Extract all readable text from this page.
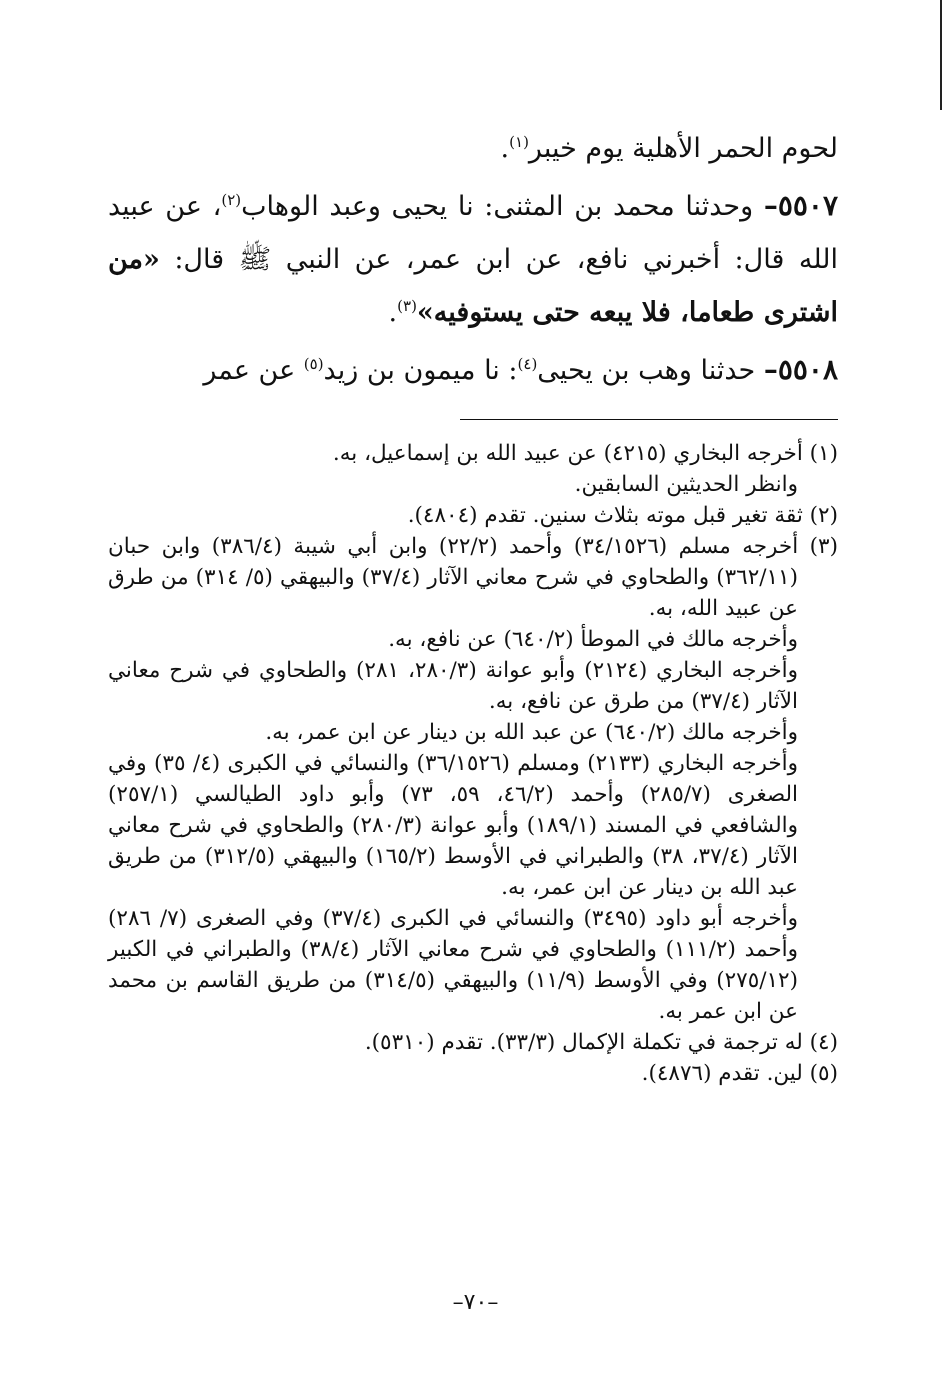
لحوم الحمر الأهلية يوم خيبر$^{(١)}$.

٥٥٠٧– وحدثنا محمد بن المثنى: نا يحيى وعبد الوهاب$^{(٢)}$، عن عبيد الله قال: أخبرني نافع، عن ابن عمر، عن النبي ﷺ قال: «من اشترى طعاما، فلا يبعه حتى يستوفيه»$^{(٣)}$.

٥٥٠٨– حدثنا وهب بن يحيى$^{(٤)}$: نا ميمون بن زيد$^{(٥)}$ عن عمر

(١) أخرجه البخاري (٤٢١٥) عن عبيد الله بن إسماعيل، به.

وانظر الحديثين السابقين.

(٢) ثقة تغير قبل موته بثلاث سنين. تقدم (٤٨٠٤).

(٣) أخرجه مسلم (٣٤/١٥٢٦) وأحمد (٢٢/٢) وابن أبي شيبة (٣٨٦/٤) وابن حبان (٣٦٢/١١) والطحاوي في شرح معاني الآثار (٣٧/٤) والبيهقي (٥/ ٣١٤) من طرق عن عبيد الله، به.

وأخرجه مالك في الموطأ (٦٤٠/٢) عن نافع، به.

وأخرجه البخاري (٢١٢٤) وأبو عوانة (٢٨٠/٣، ٢٨١) والطحاوي في شرح معاني الآثار (٣٧/٤) من طرق عن نافع، به.

وأخرجه مالك (٦٤٠/٢) عن عبد الله بن دينار عن ابن عمر، به.

وأخرجه البخاري (٢١٣٣) ومسلم (٣٦/١٥٢٦) والنسائي في الكبرى (٤/ ٣٥) وفي الصغرى (٢٨٥/٧) وأحمد (٤٦/٢، ٥٩، ٧٣) وأبو داود الطيالسي (٢٥٧/١) والشافعي في المسند (١٨٩/١) وأبو عوانة (٢٨٠/٣) والطحاوي في شرح معاني الآثار (٣٧/٤، ٣٨) والطبراني في الأوسط (١٦٥/٢) والبيهقي (٣١٢/٥) من طريق عبد الله بن دينار عن ابن عمر، به.

وأخرجه أبو داود (٣٤٩٥) والنسائي في الكبرى (٣٧/٤) وفي الصغرى (٧/ ٢٨٦) وأحمد (١١١/٢) والطحاوي في شرح معاني الآثار (٣٨/٤) والطبراني في الكبير (٢٧٥/١٢) وفي الأوسط (١١/٩) والبيهقي (٣١٤/٥) من طريق القاسم بن محمد عن ابن عمر به.

(٤) له ترجمة في تكملة الإكمال (٣٣/٣). تقدم (٥٣١٠).

(٥) لين. تقدم (٤٨٧٦).

–٧٠–
